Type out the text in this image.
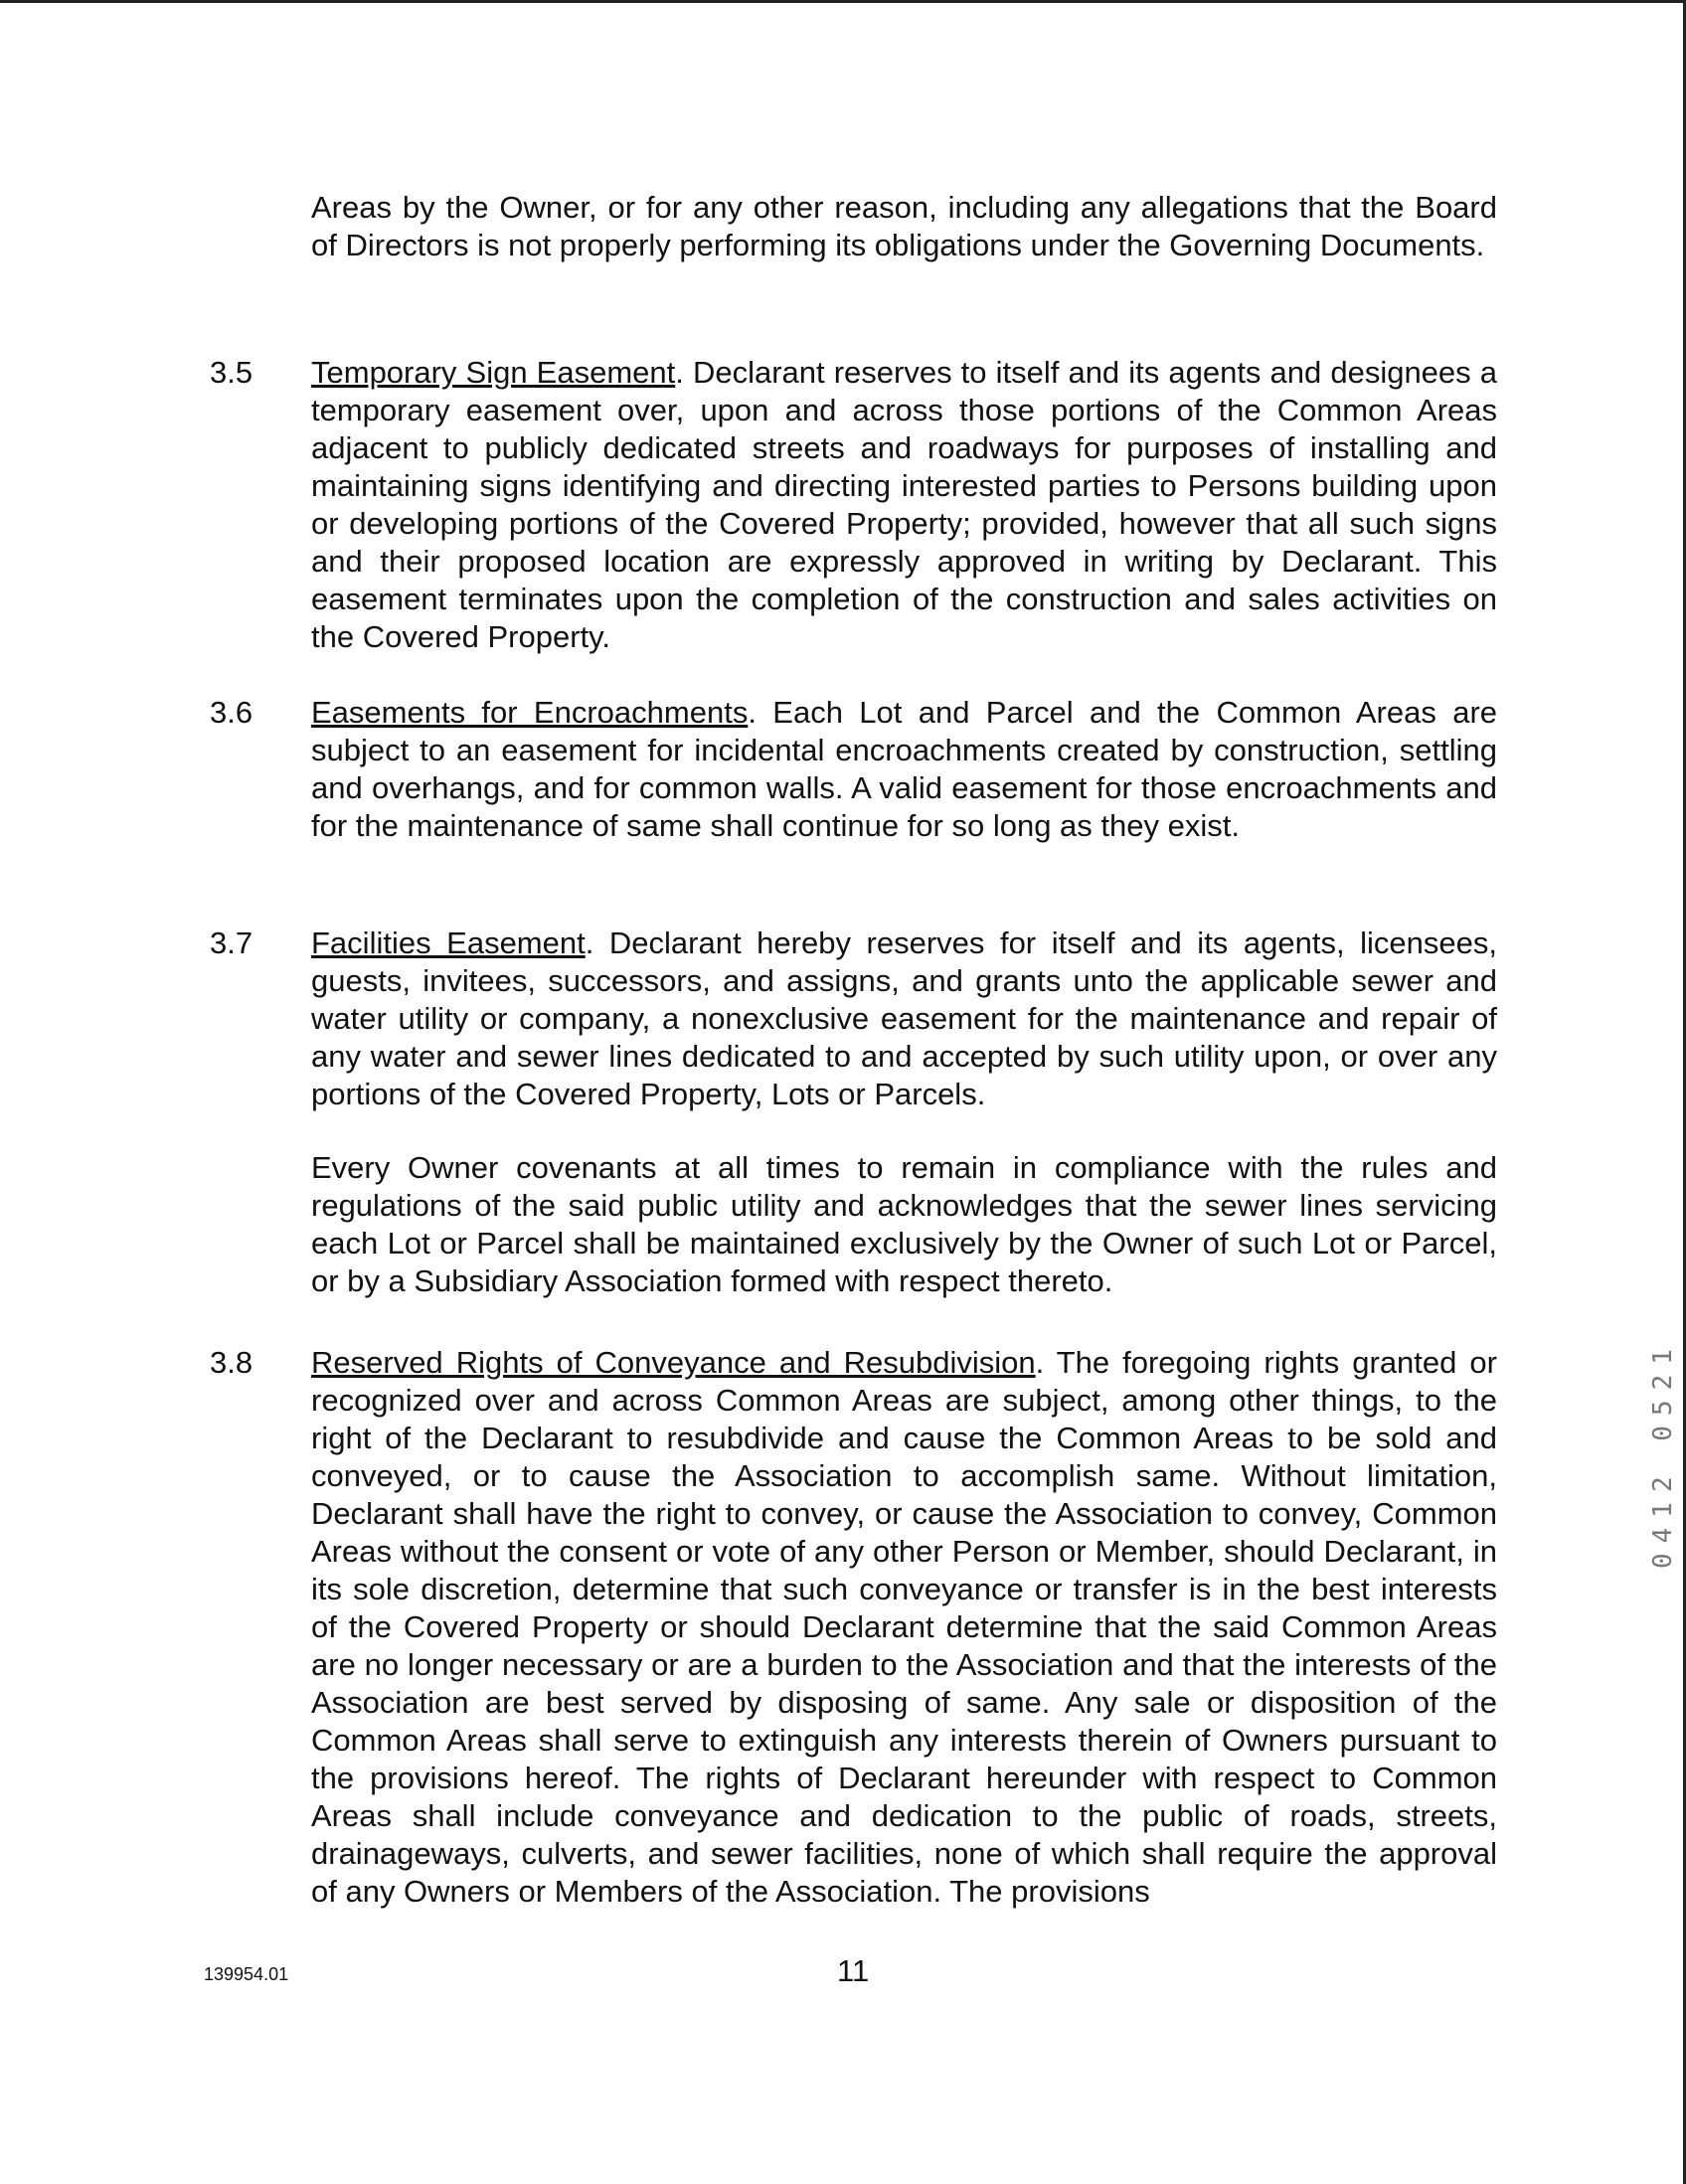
Areas by the Owner, or for any other reason, including any allegations that the Board of Directors is not properly performing its obligations under the Governing Documents.

3.5 Temporary Sign Easement. Declarant reserves to itself and its agents and designees a temporary easement over, upon and across those portions of the Common Areas adjacent to publicly dedicated streets and roadways for purposes of installing and maintaining signs identifying and directing interested parties to Persons building upon or developing portions of the Covered Property; provided, however that all such signs and their proposed location are expressly approved in writing by Declarant. This easement terminates upon the completion of the construction and sales activities on the Covered Property.

3.6 Easements for Encroachments. Each Lot and Parcel and the Common Areas are subject to an easement for incidental encroachments created by construction, settling and overhangs, and for common walls. A valid easement for those encroachments and for the maintenance of same shall continue for so long as they exist.

3.7 Facilities Easement. Declarant hereby reserves for itself and its agents, licensees, guests, invitees, successors, and assigns, and grants unto the applicable sewer and water utility or company, a nonexclusive easement for the maintenance and repair of any water and sewer lines dedicated to and accepted by such utility upon, or over any portions of the Covered Property, Lots or Parcels.

Every Owner covenants at all times to remain in compliance with the rules and regulations of the said public utility and acknowledges that the sewer lines servicing each Lot or Parcel shall be maintained exclusively by the Owner of such Lot or Parcel, or by a Subsidiary Association formed with respect thereto.

3.8 Reserved Rights of Conveyance and Resubdivision. The foregoing rights granted or recognized over and across Common Areas are subject, among other things, to the right of the Declarant to resubdivide and cause the Common Areas to be sold and conveyed, or to cause the Association to accomplish same. Without limitation, Declarant shall have the right to convey, or cause the Association to convey, Common Areas without the consent or vote of any other Person or Member, should Declarant, in its sole discretion, determine that such conveyance or transfer is in the best interests of the Covered Property or should Declarant determine that the said Common Areas are no longer necessary or are a burden to the Association and that the interests of the Association are best served by disposing of same. Any sale or disposition of the Common Areas shall serve to extinguish any interests therein of Owners pursuant to the provisions hereof. The rights of Declarant hereunder with respect to Common Areas shall include conveyance and dedication to the public of roads, streets, drainageways, culverts, and sewer facilities, none of which shall require the approval of any Owners or Members of the Association. The provisions

139954.01	11
0412 0521
